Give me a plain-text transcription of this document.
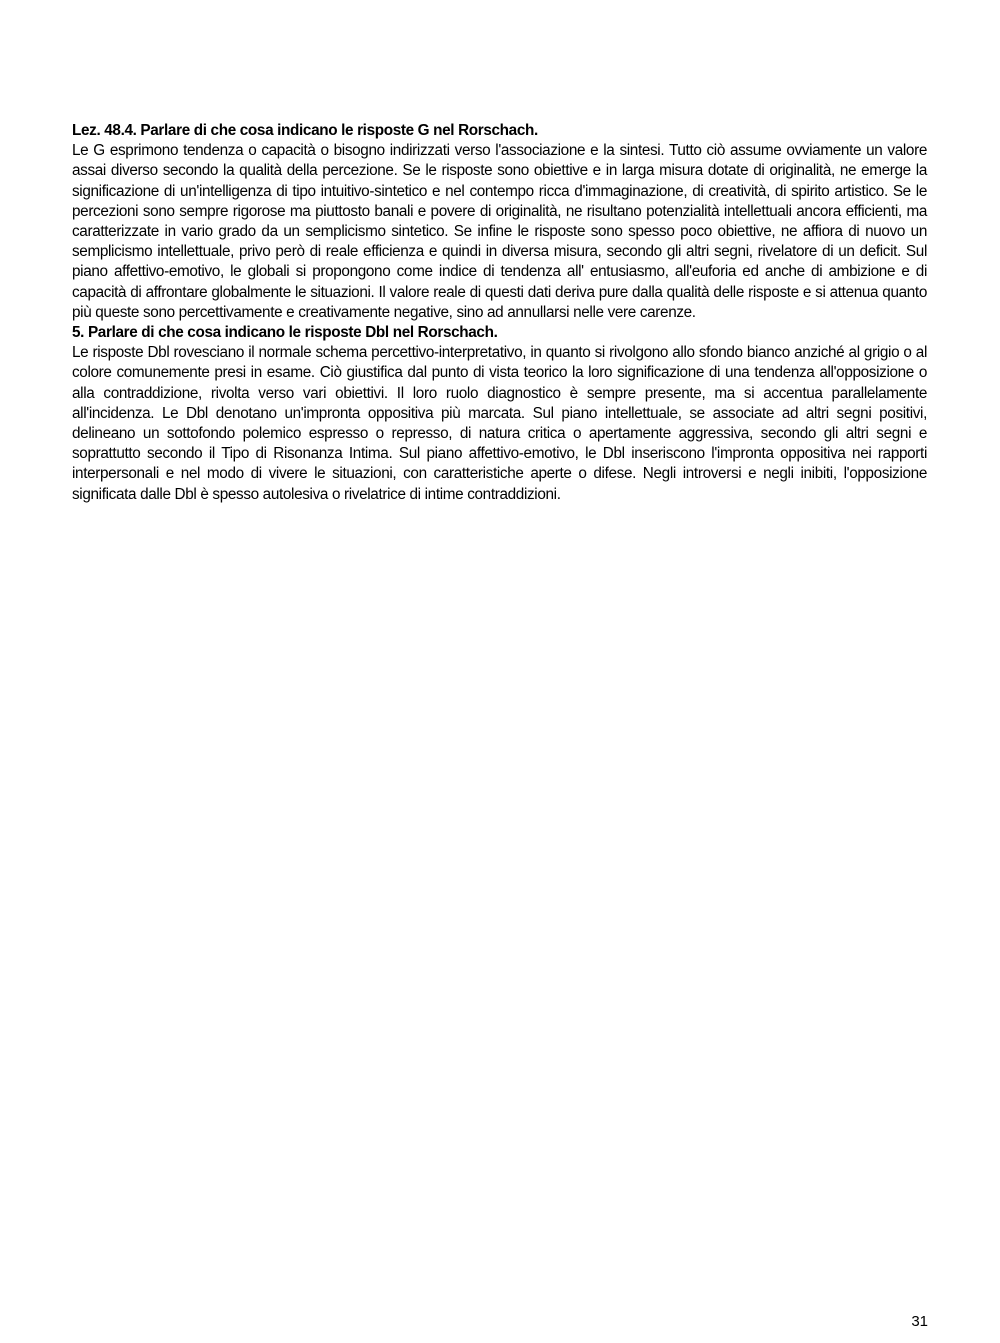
Lez. 48.4. Parlare di che cosa indicano le risposte G nel Rorschach.

Le G esprimono tendenza o capacità o bisogno indirizzati verso l'associazione e la sintesi. Tutto ciò assume ovviamente un valore assai diverso secondo la qualità della percezione. Se le risposte sono obiettive e in larga misura dotate di originalità, ne emerge la significazione di un'intelligenza di tipo intuitivo-sintetico e nel contempo ricca d'immaginazione, di creatività, di spirito artistico. Se le percezioni sono sempre rigorose ma piuttosto banali e povere di originalità, ne risultano potenzialità intellettuali ancora efficienti, ma caratterizzate in vario grado da un semplicismo sintetico. Se infine le risposte sono spesso poco obiettive, ne affiora di nuovo un semplicismo intellettuale, privo però di reale efficienza e quindi in diversa misura, secondo gli altri segni, rivelatore di un deficit. Sul piano affettivo-emotivo, le globali si propongono come indice di tendenza all' entusiasmo, all'euforia ed anche di ambizione e di capacità di affrontare globalmente le situazioni. Il valore reale di questi dati deriva pure dalla qualità delle risposte e si attenua quanto più queste sono percettivamente e creativamente negative, sino ad annullarsi nelle vere carenze.

5. Parlare di che cosa indicano le risposte Dbl nel Rorschach.

Le risposte Dbl rovesciano il normale schema percettivo-interpretativo, in quanto si rivolgono allo sfondo bianco anziché al grigio o al colore comunemente presi in esame. Ciò giustifica dal punto di vista teorico la loro significazione di una tendenza all'opposizione o alla contraddizione, rivolta verso vari obiettivi. Il loro ruolo diagnostico è sempre presente, ma si accentua parallelamente all'incidenza. Le Dbl denotano un'impronta oppositiva più marcata. Sul piano intellettuale, se associate ad altri segni positivi, delineano un sottofondo polemico espresso o represso, di natura critica o apertamente aggressiva, secondo gli altri segni e soprattutto secondo il Tipo di Risonanza Intima. Sul piano affettivo-emotivo, le Dbl inseriscono l'impronta oppositiva nei rapporti interpersonali e nel modo di vivere le situazioni, con caratteristiche aperte o difese. Negli introversi e negli inibiti, l'opposizione significata dalle Dbl è spesso autolesiva o rivelatrice di intime contraddizioni.

31
